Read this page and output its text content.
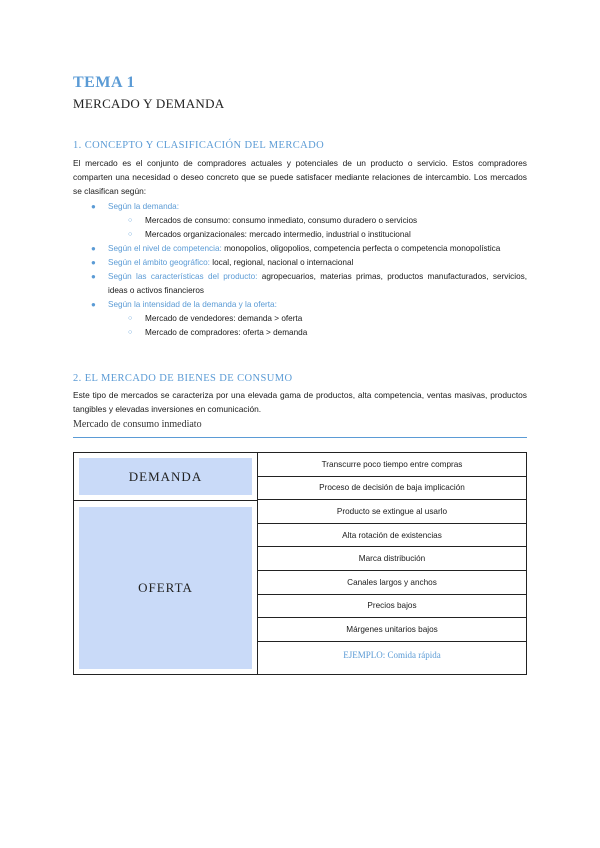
TEMA 1
MERCADO Y DEMANDA
1. CONCEPTO Y CLASIFICACIÓN DEL MERCADO
El mercado es el conjunto de compradores actuales y potenciales de un producto o servicio. Estos compradores comparten una necesidad o deseo concreto que se puede satisfacer mediante relaciones de intercambio. Los mercados se clasifican según:
● Según la demanda:
○ Mercados de consumo: consumo inmediato, consumo duradero o servicios
○ Mercados organizacionales: mercado intermedio, industrial o institucional
● Según el nivel de competencia: monopolios, oligopolios, competencia perfecta o competencia monopolística
● Según el ámbito geográfico: local, regional, nacional o internacional
● Según las características del producto: agropecuarios, materias primas, productos manufacturados, servicios, ideas o activos financieros
● Según la intensidad de la demanda y la oferta:
○ Mercado de vendedores: demanda > oferta
○ Mercado de compradores: oferta > demanda
2. EL MERCADO DE BIENES DE CONSUMO
Este tipo de mercados se caracteriza por una elevada gama de productos, alta competencia, ventas masivas, productos tangibles y elevadas inversiones en comunicación.
Mercado de consumo inmediato
DEMANDA
OFERTA
Transcurre poco tiempo entre compras
Proceso de decisión de baja implicación
Producto se extingue al usarlo
Alta rotación de existencias
Marca distribución
Canales largos y anchos
Precios bajos
Márgenes unitarios bajos
EJEMPLO: Comida rápida
